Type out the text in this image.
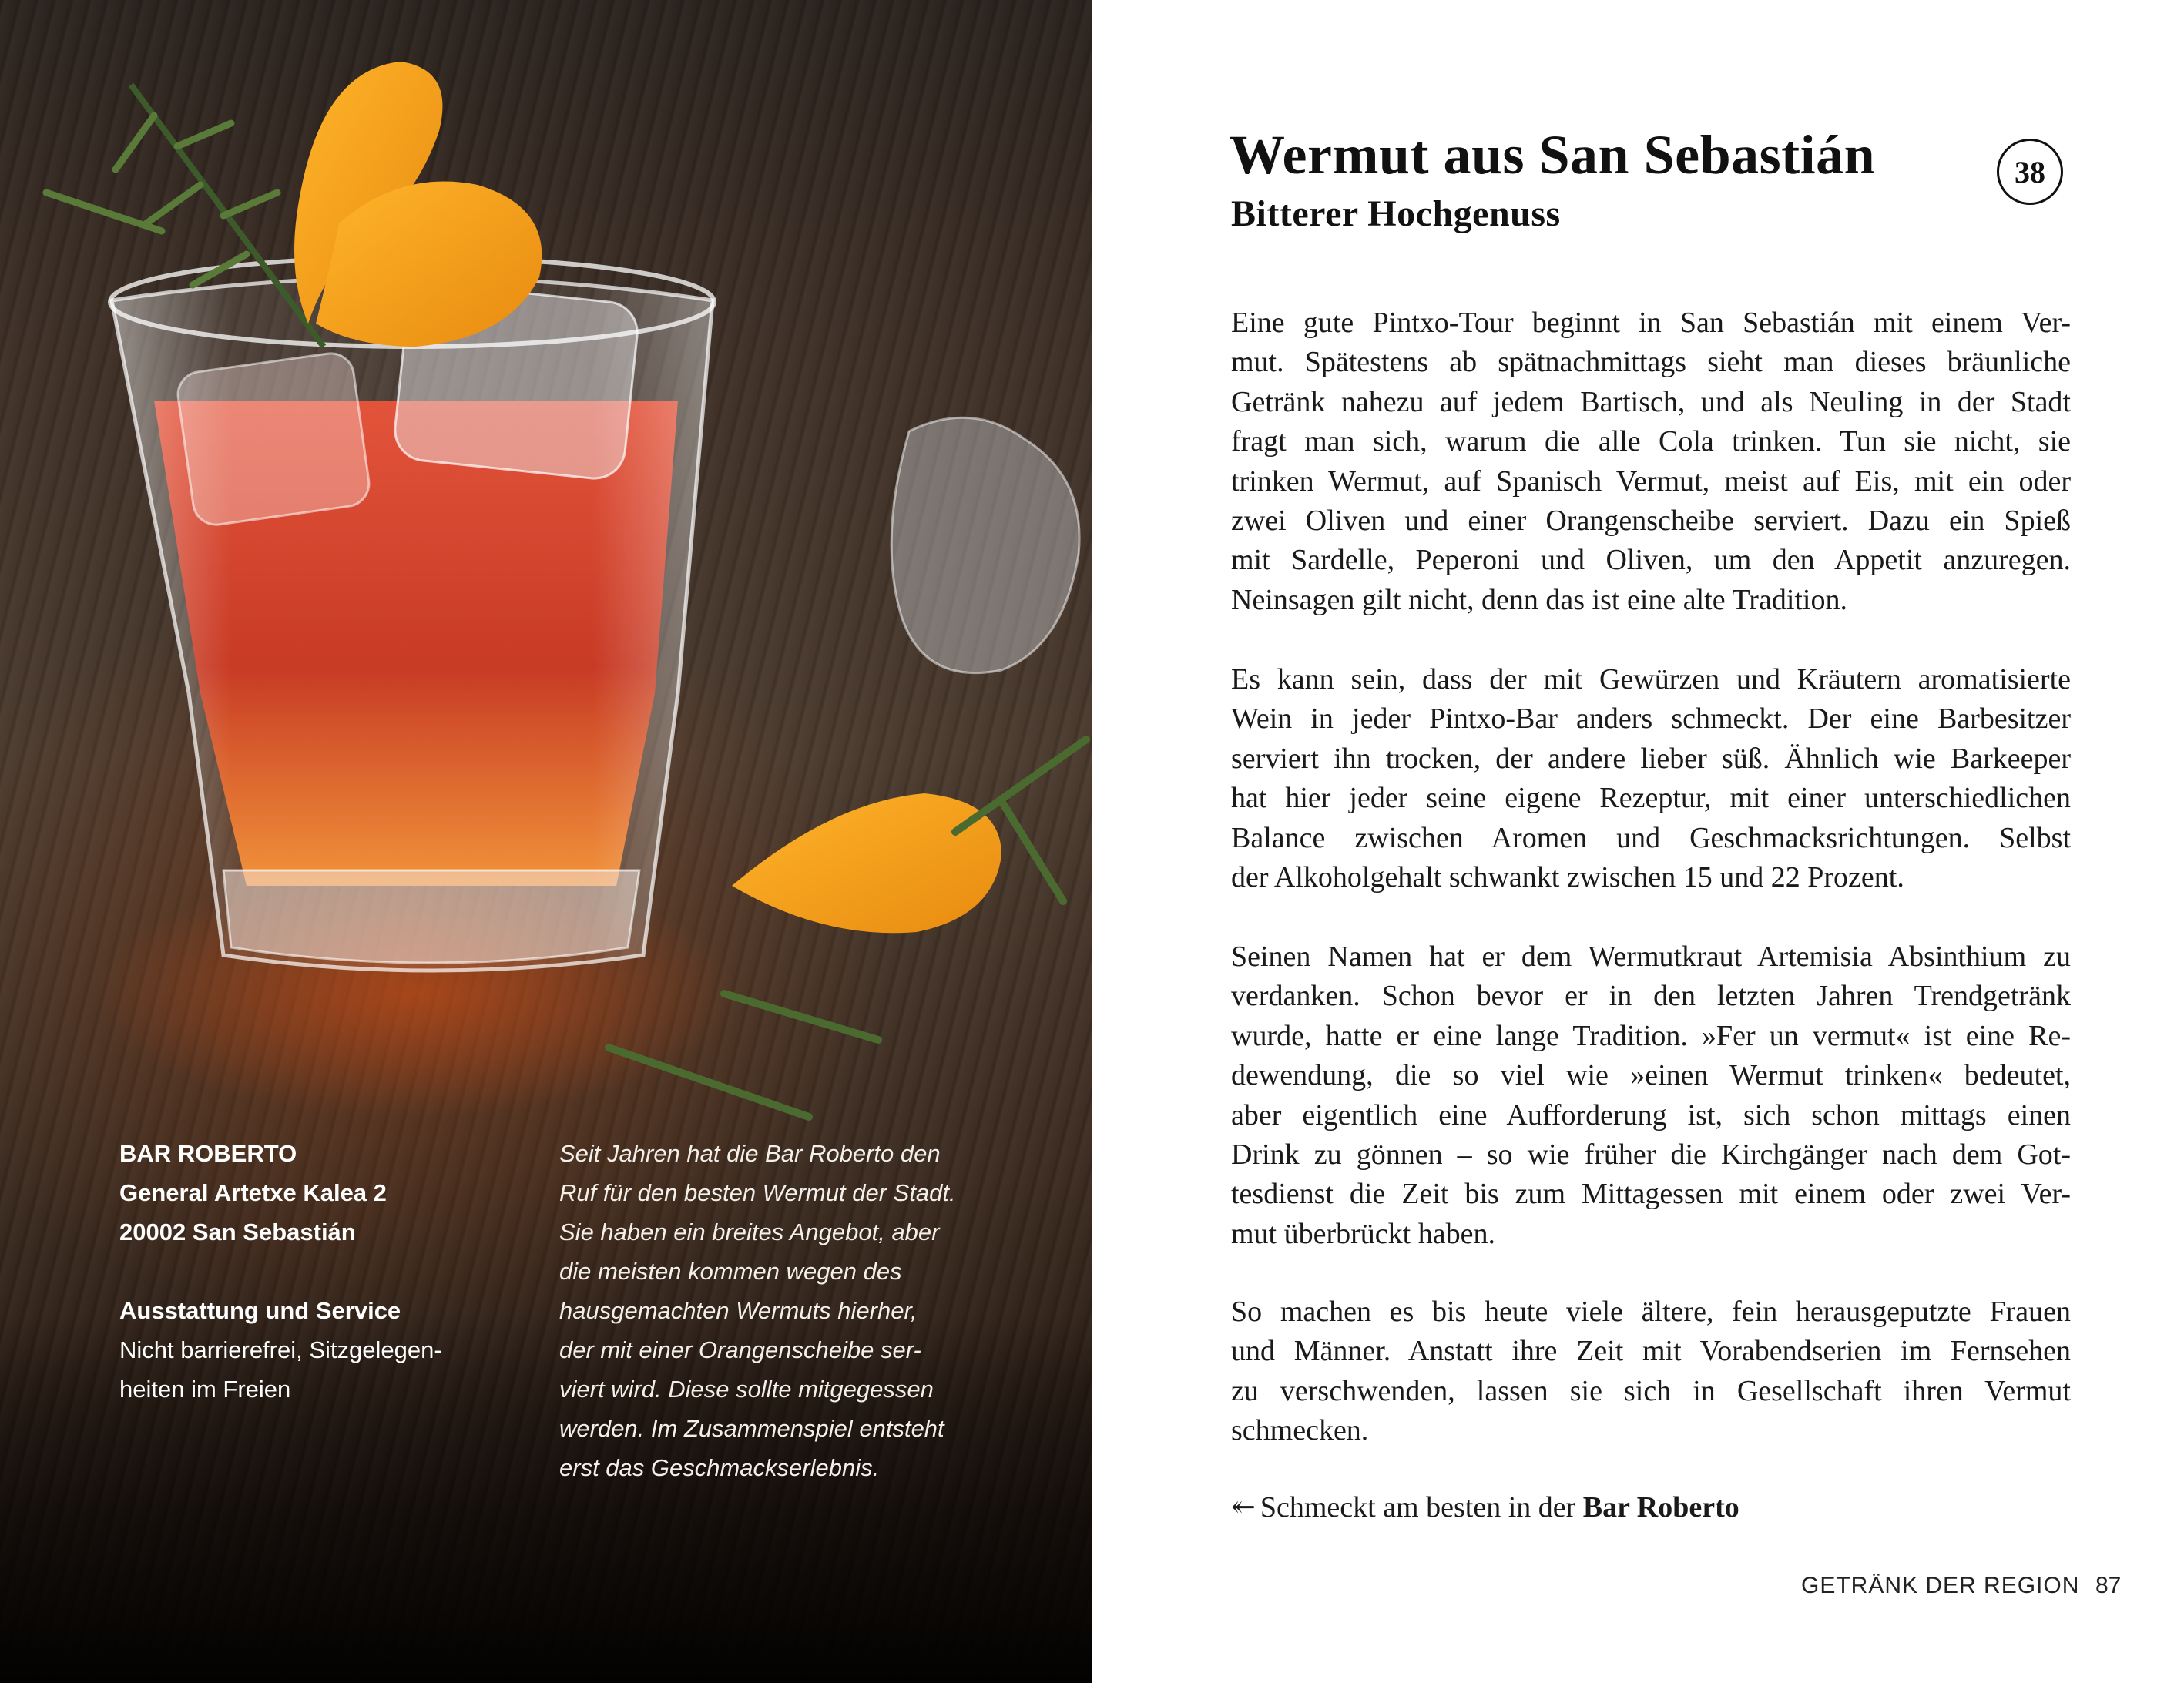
BAR ROBERTO
General Artetxe Kalea 2
20002 San Sebastián
Ausstattung und Service
Nicht barrierefrei, Sitzgelegen-
heiten im Freien
Seit Jahren hat die Bar Roberto den
Ruf für den besten Wermut der Stadt.
Sie haben ein breites Angebot, aber
die meisten kommen wegen des
hausgemachten Wermuts hierher,
der mit einer Orangenscheibe ser-
viert wird. Diese sollte mitgegessen
werden. Im Zusammenspiel entsteht
erst das Geschmackserlebnis.
Wermut aus San Sebastián
Bitterer Hochgenuss
38
Eine gute Pintxo-Tour beginnt in San Sebastián mit einem Ver-
mut. Spätestens ab spätnachmittags sieht man dieses bräunliche
Getränk nahezu auf jedem Bartisch, und als Neuling in der Stadt
fragt man sich, warum die alle Cola trinken. Tun sie nicht, sie
trinken Wermut, auf Spanisch Vermut, meist auf Eis, mit ein oder
zwei Oliven und einer Orangenscheibe serviert. Dazu ein Spieß
mit Sardelle, Peperoni und Oliven, um den Appetit anzuregen.
Neinsagen gilt nicht, denn das ist eine alte Tradition.
Es kann sein, dass der mit Gewürzen und Kräutern aromatisierte
Wein in jeder Pintxo-Bar anders schmeckt. Der eine Barbesitzer
serviert ihn trocken, der andere lieber süß. Ähnlich wie Barkeeper
hat hier jeder seine eigene Rezeptur, mit einer unterschiedlichen
Balance zwischen Aromen und Geschmacksrichtungen. Selbst
der Alkoholgehalt schwankt zwischen 15 und 22 Prozent.
Seinen Namen hat er dem Wermutkraut Artemisia Absinthium zu
verdanken. Schon bevor er in den letzten Jahren Trendgetränk
wurde, hatte er eine lange Tradition. »Fer un vermut« ist eine Re-
dewendung, die so viel wie »einen Wermut trinken« bedeutet,
aber eigentlich eine Aufforderung ist, sich schon mittags einen
Drink zu gönnen – so wie früher die Kirchgänger nach dem Got-
tesdienst die Zeit bis zum Mittagessen mit einem oder zwei Ver-
mut überbrückt haben.
So machen es bis heute viele ältere, fein herausgeputzte Frauen
und Männer. Anstatt ihre Zeit mit Vorabendserien im Fernsehen
zu verschwenden, lassen sie sich in Gesellschaft ihren Vermut
schmecken.
↞ Schmeckt am besten in der Bar Roberto
GETRÄNK DER REGION 87
